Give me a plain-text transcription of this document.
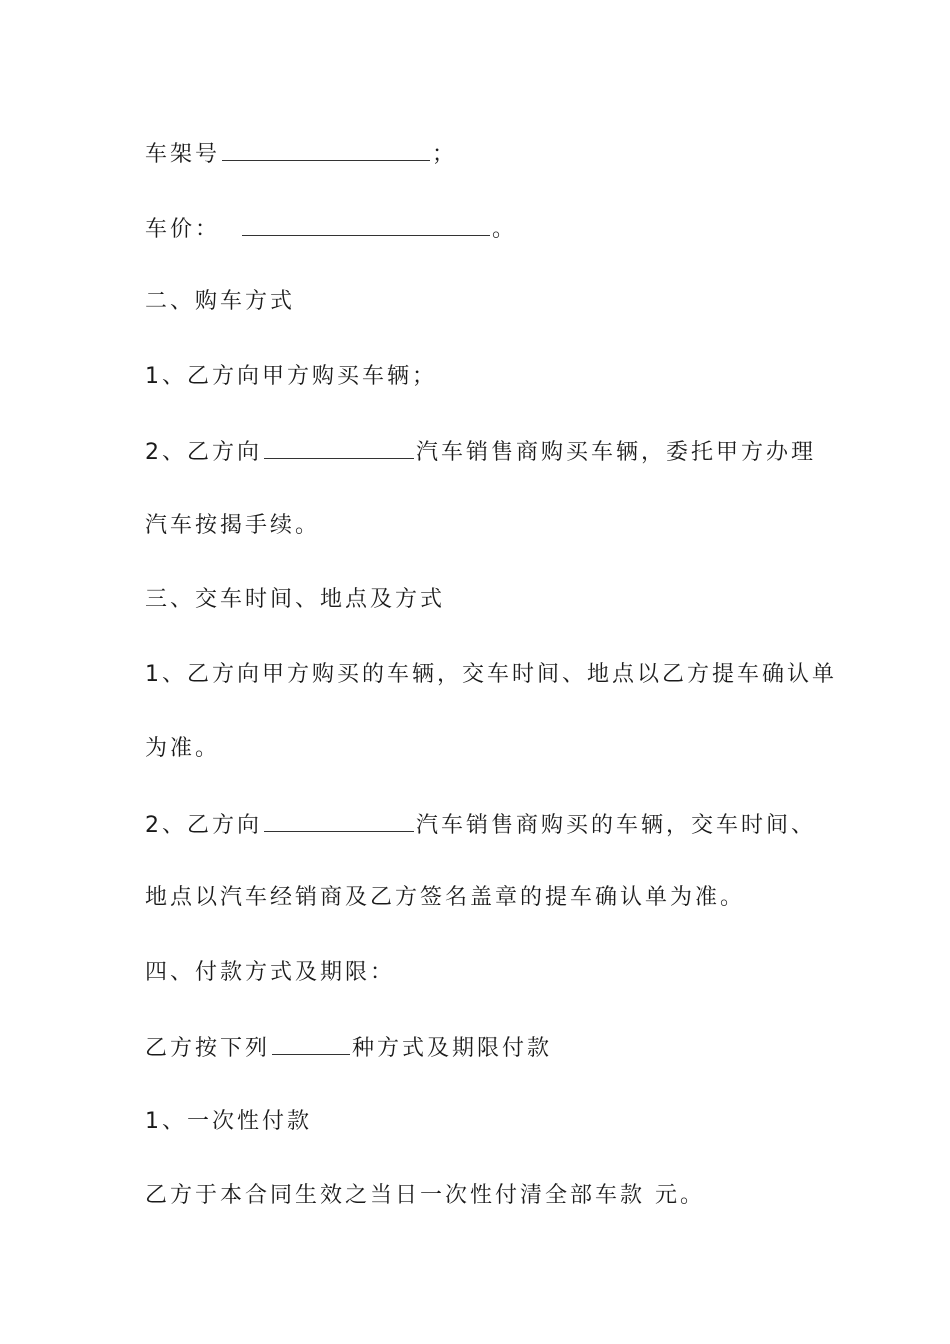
车架号	；
车价：	。
二、购车方式
1、乙方向甲方购买车辆；
2、乙方向	汽车销售商购买车辆，委托甲方办理
汽车按揭手续。
三、交车时间、地点及方式
1、乙方向甲方购买的车辆，交车时间、地点以乙方提车确认单
为准。
2、乙方向	汽车销售商购买的车辆，交车时间、
地点以汽车经销商及乙方签名盖章的提车确认单为准。
四、付款方式及期限：
乙方按下列	种方式及期限付款
1、一次性付款
乙方于本合同生效之当日一次性付清全部车款 元。
